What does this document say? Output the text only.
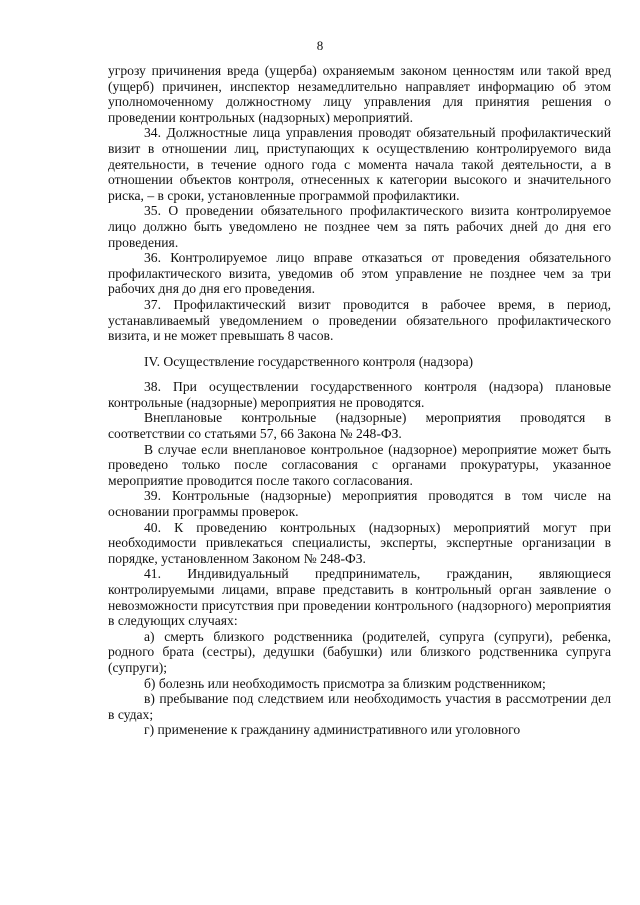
8

угрозу причинения вреда (ущерба) охраняемым законом ценностям или такой вред (ущерб) причинен, инспектор незамедлительно направляет информацию об этом уполномоченному должностному лицу управления для принятия решения о проведении контрольных (надзорных) мероприятий.

34. Должностные лица управления проводят обязательный профилактический визит в отношении лиц, приступающих к осуществлению контролируемого вида деятельности, в течение одного года с момента начала такой деятельности, а в отношении объектов контроля, отнесенных к категории высокого и значительного риска, – в сроки, установленные программой профилактики.

35. О проведении обязательного профилактического визита контролируемое лицо должно быть уведомлено не позднее чем за пять рабочих дней до дня его проведения.

36. Контролируемое лицо вправе отказаться от проведения обязательного профилактического визита, уведомив об этом управление не позднее чем за три рабочих дня до дня его проведения.

37. Профилактический визит проводится в рабочее время, в период, устанавливаемый уведомлением о проведении обязательного профилактического визита, и не может превышать 8 часов.

IV. Осуществление государственного контроля (надзора)

38. При осуществлении государственного контроля (надзора) плановые контрольные (надзорные) мероприятия не проводятся.

Внеплановые контрольные (надзорные) мероприятия проводятся в соответствии со статьями 57, 66 Закона № 248-ФЗ.

В случае если внеплановое контрольное (надзорное) мероприятие может быть проведено только после согласования с органами прокуратуры, указанное мероприятие проводится после такого согласования.

39. Контрольные (надзорные) мероприятия проводятся в том числе на основании программы проверок.

40. К проведению контрольных (надзорных) мероприятий могут при необходимости привлекаться специалисты, эксперты, экспертные организации в порядке, установленном Законом № 248-ФЗ.

41. Индивидуальный предприниматель, гражданин, являющиеся контролируемыми лицами, вправе представить в контрольный орган заявление о невозможности присутствия при проведении контрольного (надзорного) мероприятия в следующих случаях:

а) смерть близкого родственника (родителей, супруга (супруги), ребенка, родного брата (сестры), дедушки (бабушки) или близкого родственника супруга (супруги);

б) болезнь или необходимость присмотра за близким родственником;

в) пребывание под следствием или необходимость участия в рассмотрении дел в судах;

г) применение к гражданину административного или уголовного
